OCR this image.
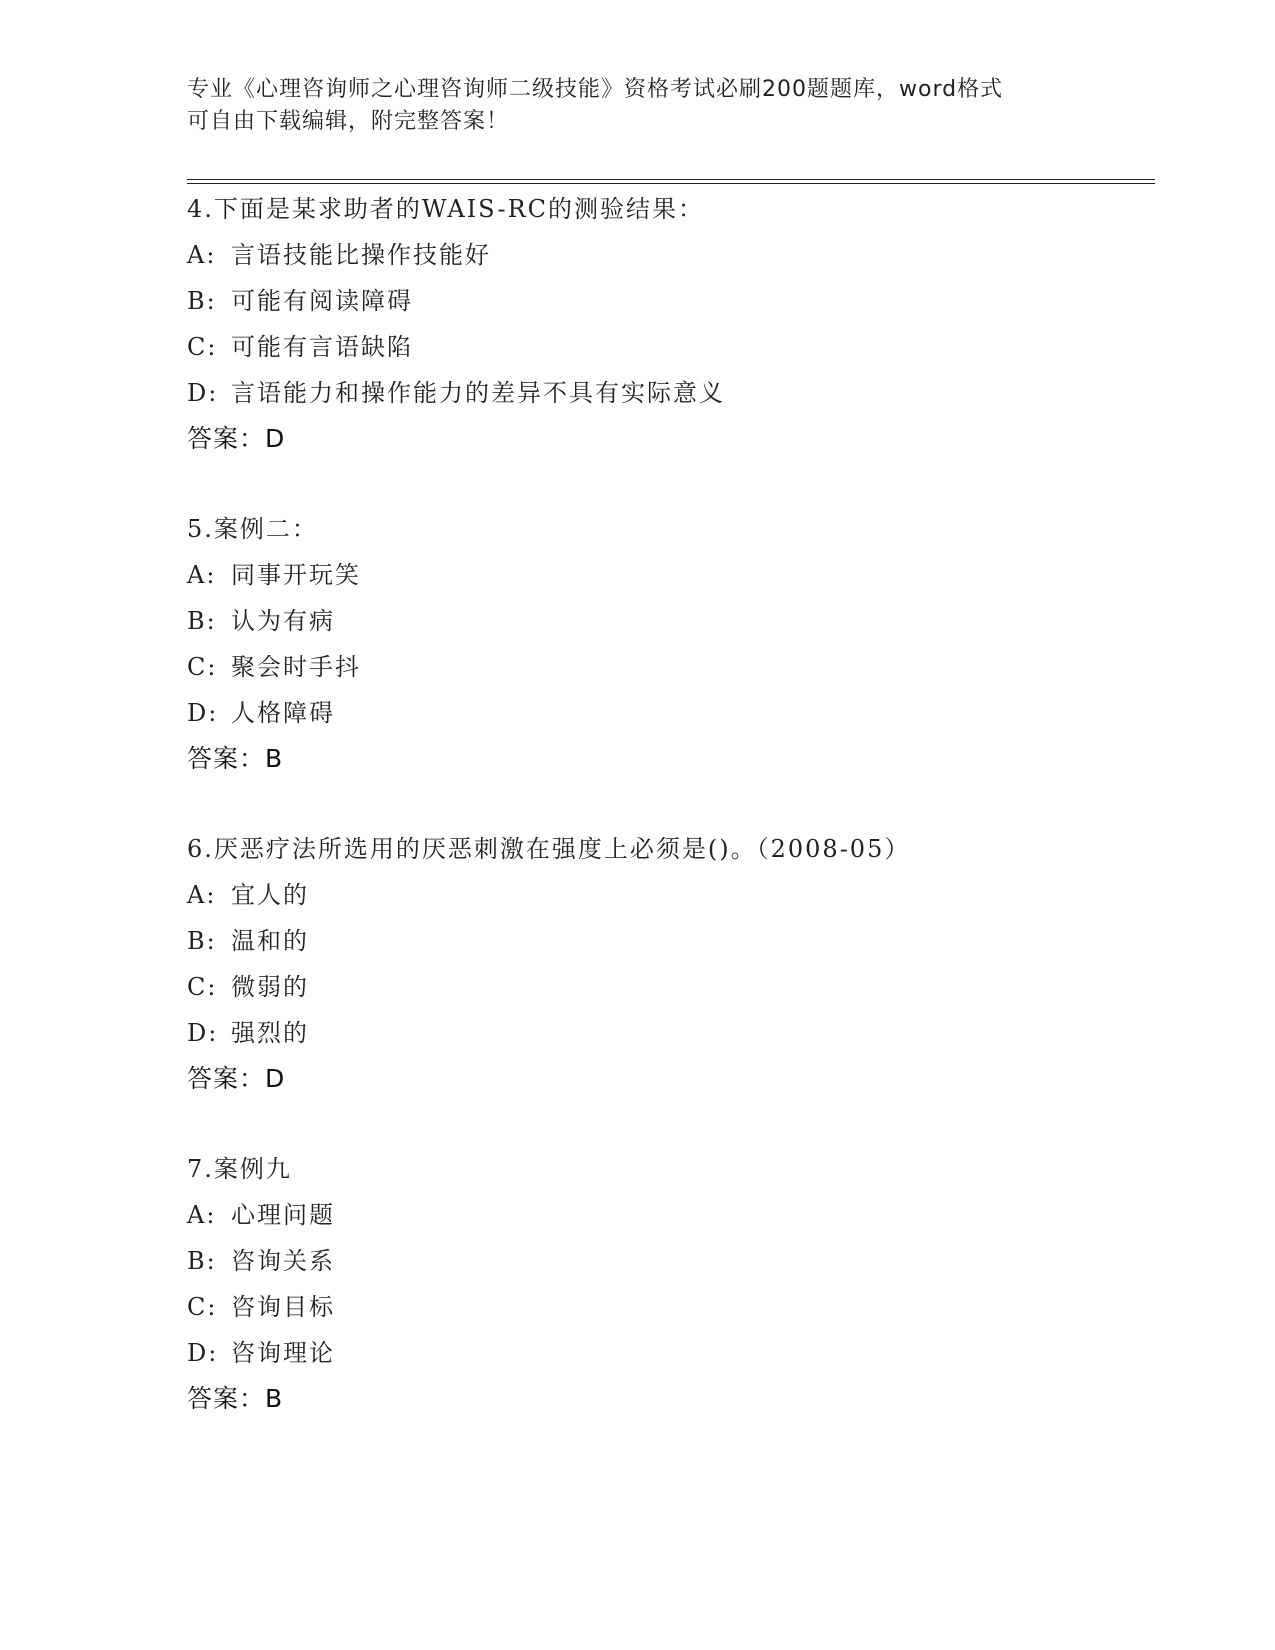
专业《心理咨询师之心理咨询师二级技能》资格考试必刷200题题库，word格式
可自由下载编辑，附完整答案！
4.下面是某求助者的WAIS-RC的测验结果：
A: 言语技能比操作技能好
B: 可能有阅读障碍
C: 可能有言语缺陷
D: 言语能力和操作能力的差异不具有实际意义
答案：D
5.案例二：
A: 同事开玩笑
B: 认为有病
C: 聚会时手抖
D: 人格障碍
答案：B
6.厌恶疗法所选用的厌恶刺激在强度上必须是()。（2008-05）
A: 宜人的
B: 温和的
C: 微弱的
D: 强烈的
答案：D
7.案例九
A: 心理问题
B: 咨询关系
C: 咨询目标
D: 咨询理论
答案：B
